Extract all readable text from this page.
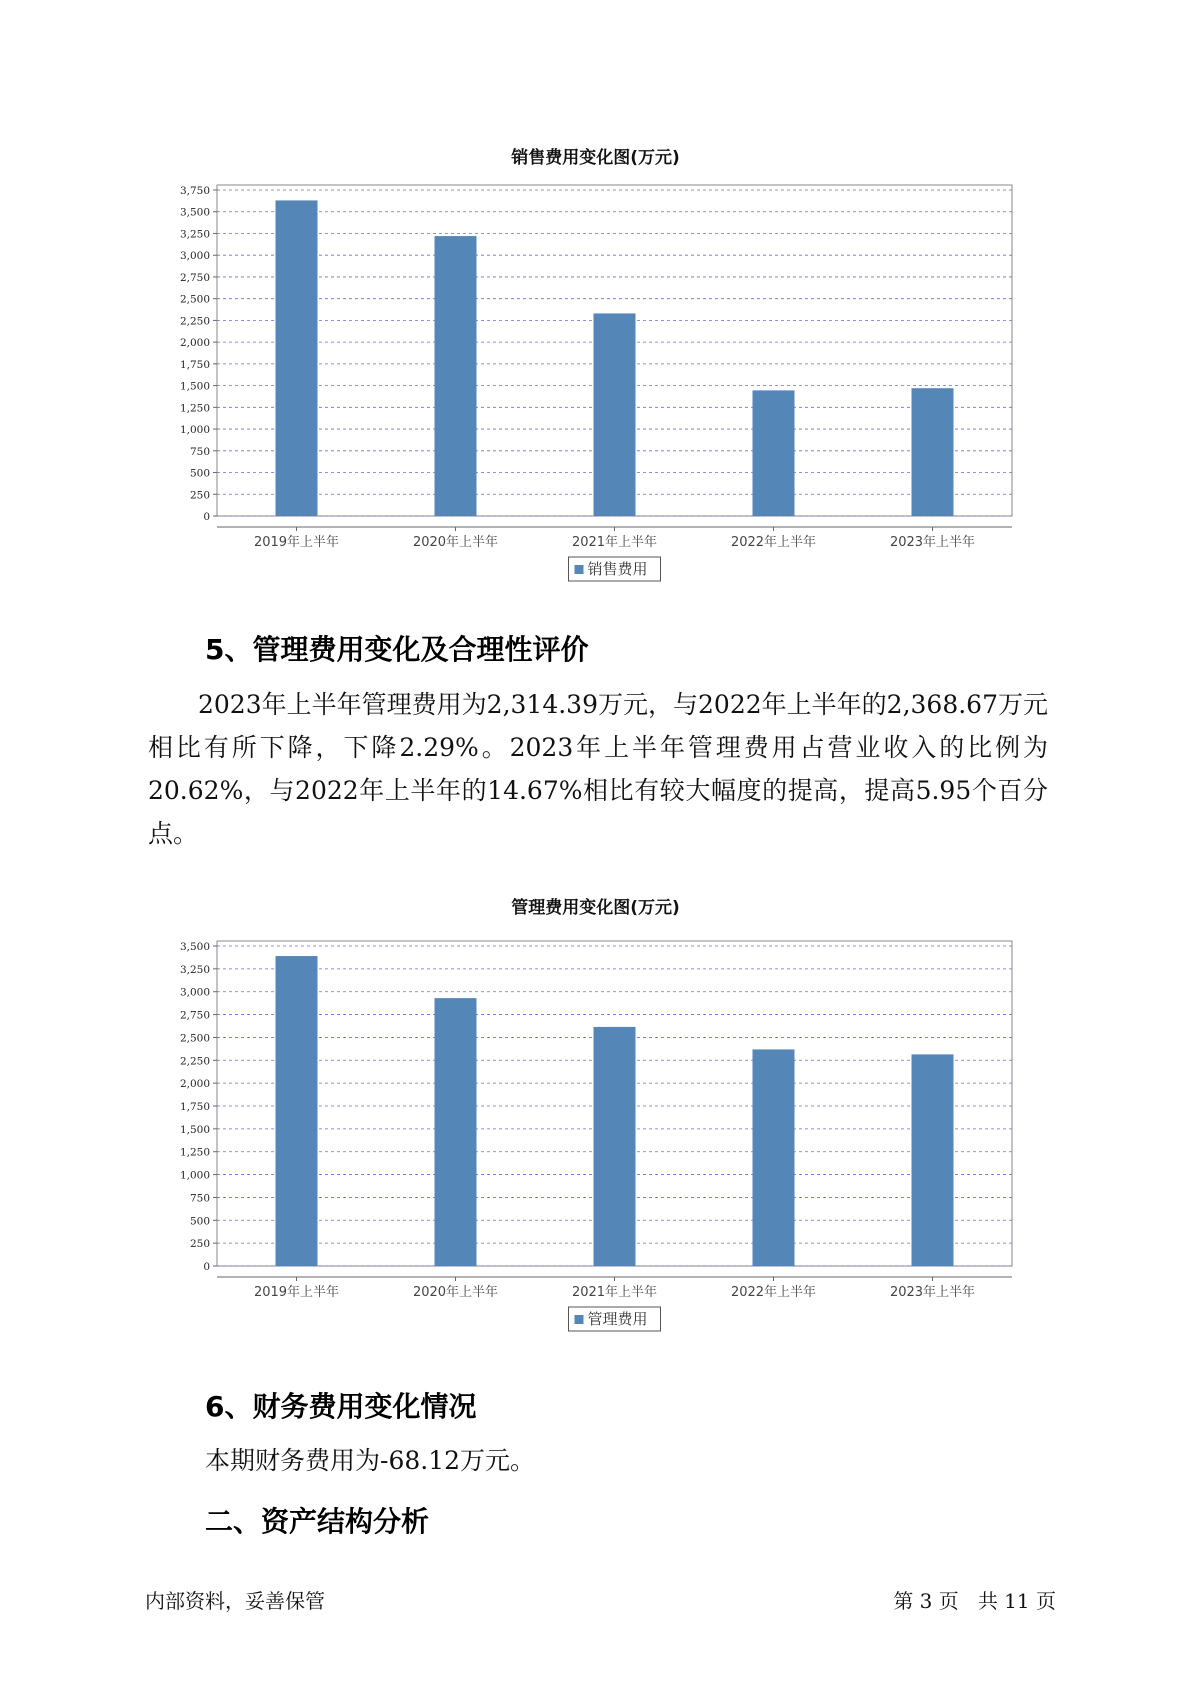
销售费用变化图(万元)
0
250
500
750
1,000
1,250
1,500
1,750
2,000
2,250
2,500
2,750
3,000
3,250
3,500
3,750
2019年上半年	2020年上半年	2021年上半年	2022年上半年	2023年上半年
销售费用
5、管理费用变化及合理性评价
2023年上半年管理费用为2,314.39万元，与2022年上半年的2,368.67万元相比有所下降，下降2.29%。2023年上半年管理费用占营业收入的比例为20.62%，与2022年上半年的14.67%相比有较大幅度的提高，提高5.95个百分点。
管理费用变化图(万元)
0
250
500
750
1,000
1,250
1,500
1,750
2,000
2,250
2,500
2,750
3,000
3,250
3,500
2019年上半年	2020年上半年	2021年上半年	2022年上半年	2023年上半年
管理费用
6、财务费用变化情况
本期财务费用为-68.12万元。
二、资产结构分析
内部资料，妥善保管	第 3 页   共 11 页
